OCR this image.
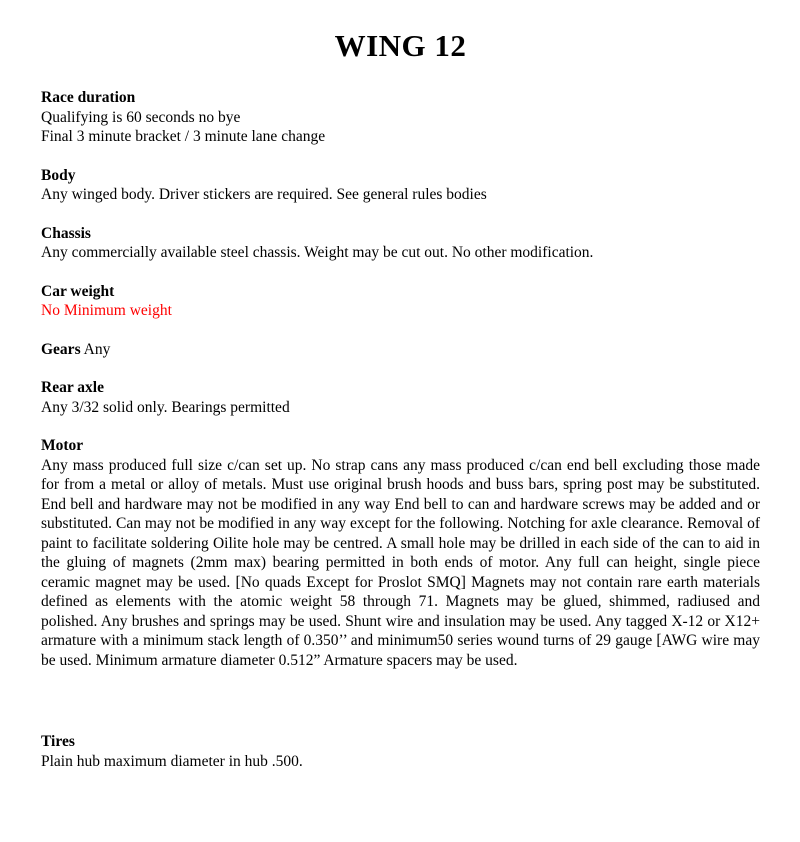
WING 12
Race duration
Qualifying is 60 seconds no bye
Final 3 minute bracket / 3 minute lane change
Body
Any winged body. Driver stickers are required. See general rules bodies
Chassis
Any commercially available steel chassis. Weight may be cut out. No other modification.
Car weight
No Minimum weight
Gears Any
Rear axle
Any 3/32 solid only. Bearings permitted
Motor
Any mass produced full size c/can set up. No strap cans any mass produced c/can end bell excluding those made for from a metal or alloy of metals. Must use original brush hoods and buss bars, spring post may be substituted. End bell and hardware may not be modified in any way End bell to can and hardware screws may be added and or substituted. Can may not be modified in any way except for the following. Notching for axle clearance. Removal of paint to facilitate soldering Oilite hole may be centred. A small hole may be drilled in each side of the can to aid in the gluing of magnets (2mm max) bearing permitted in both ends of motor. Any full can height, single piece ceramic magnet may be used. [No quads Except for Proslot SMQ] Magnets may not contain rare earth materials defined as elements with the atomic weight 58 through 71. Magnets may be glued, shimmed, radiused and polished. Any brushes and springs may be used. Shunt wire and insulation may be used. Any tagged X-12 or X12+ armature with a minimum stack length of 0.350’’ and minimum50 series wound turns of 29 gauge [AWG wire may be used. Minimum armature diameter 0.512” Armature spacers may be used.
Tires
Plain hub maximum diameter in hub .500.
